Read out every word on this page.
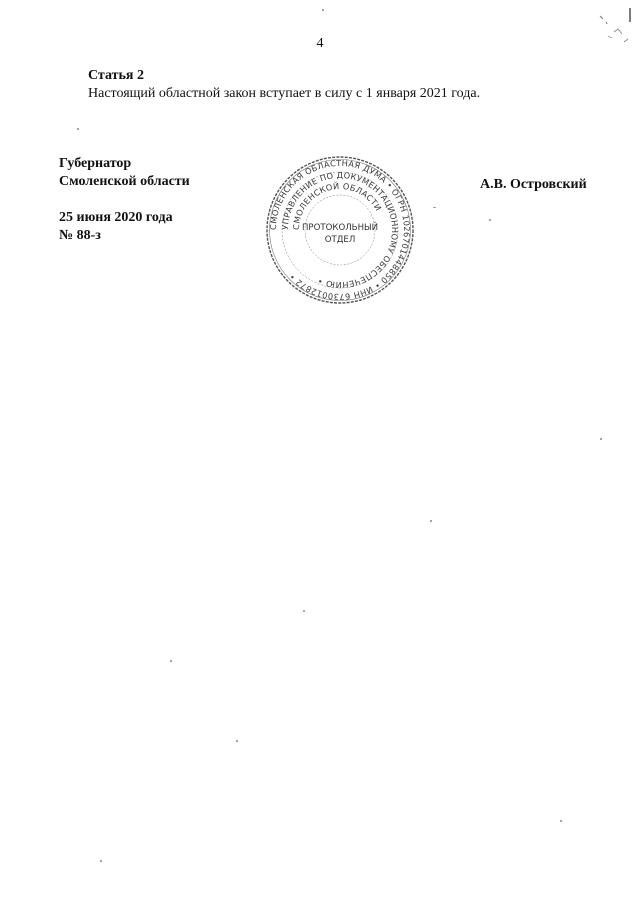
4
Статья 2
Настоящий областной закон вступает в силу с 1 января 2021 года.
Губернатор
Смоленской области
25 июня 2020 года
№ 88-з
А.В. Островский
СМОЛЕНСКАЯ ОБЛАСТНАЯ ДУМА • ОГРН 1026701448850 • ИНН 6730012872 •
УПРАВЛЕНИЕ ПО ДОКУМЕНТАЦИОННОМУ ОБЕСПЕЧЕНИЮ •
СМОЛЕНСКОЙ ОБЛАСТИ
ПРОТОКОЛЬНЫЙ
ОТДЕЛ
